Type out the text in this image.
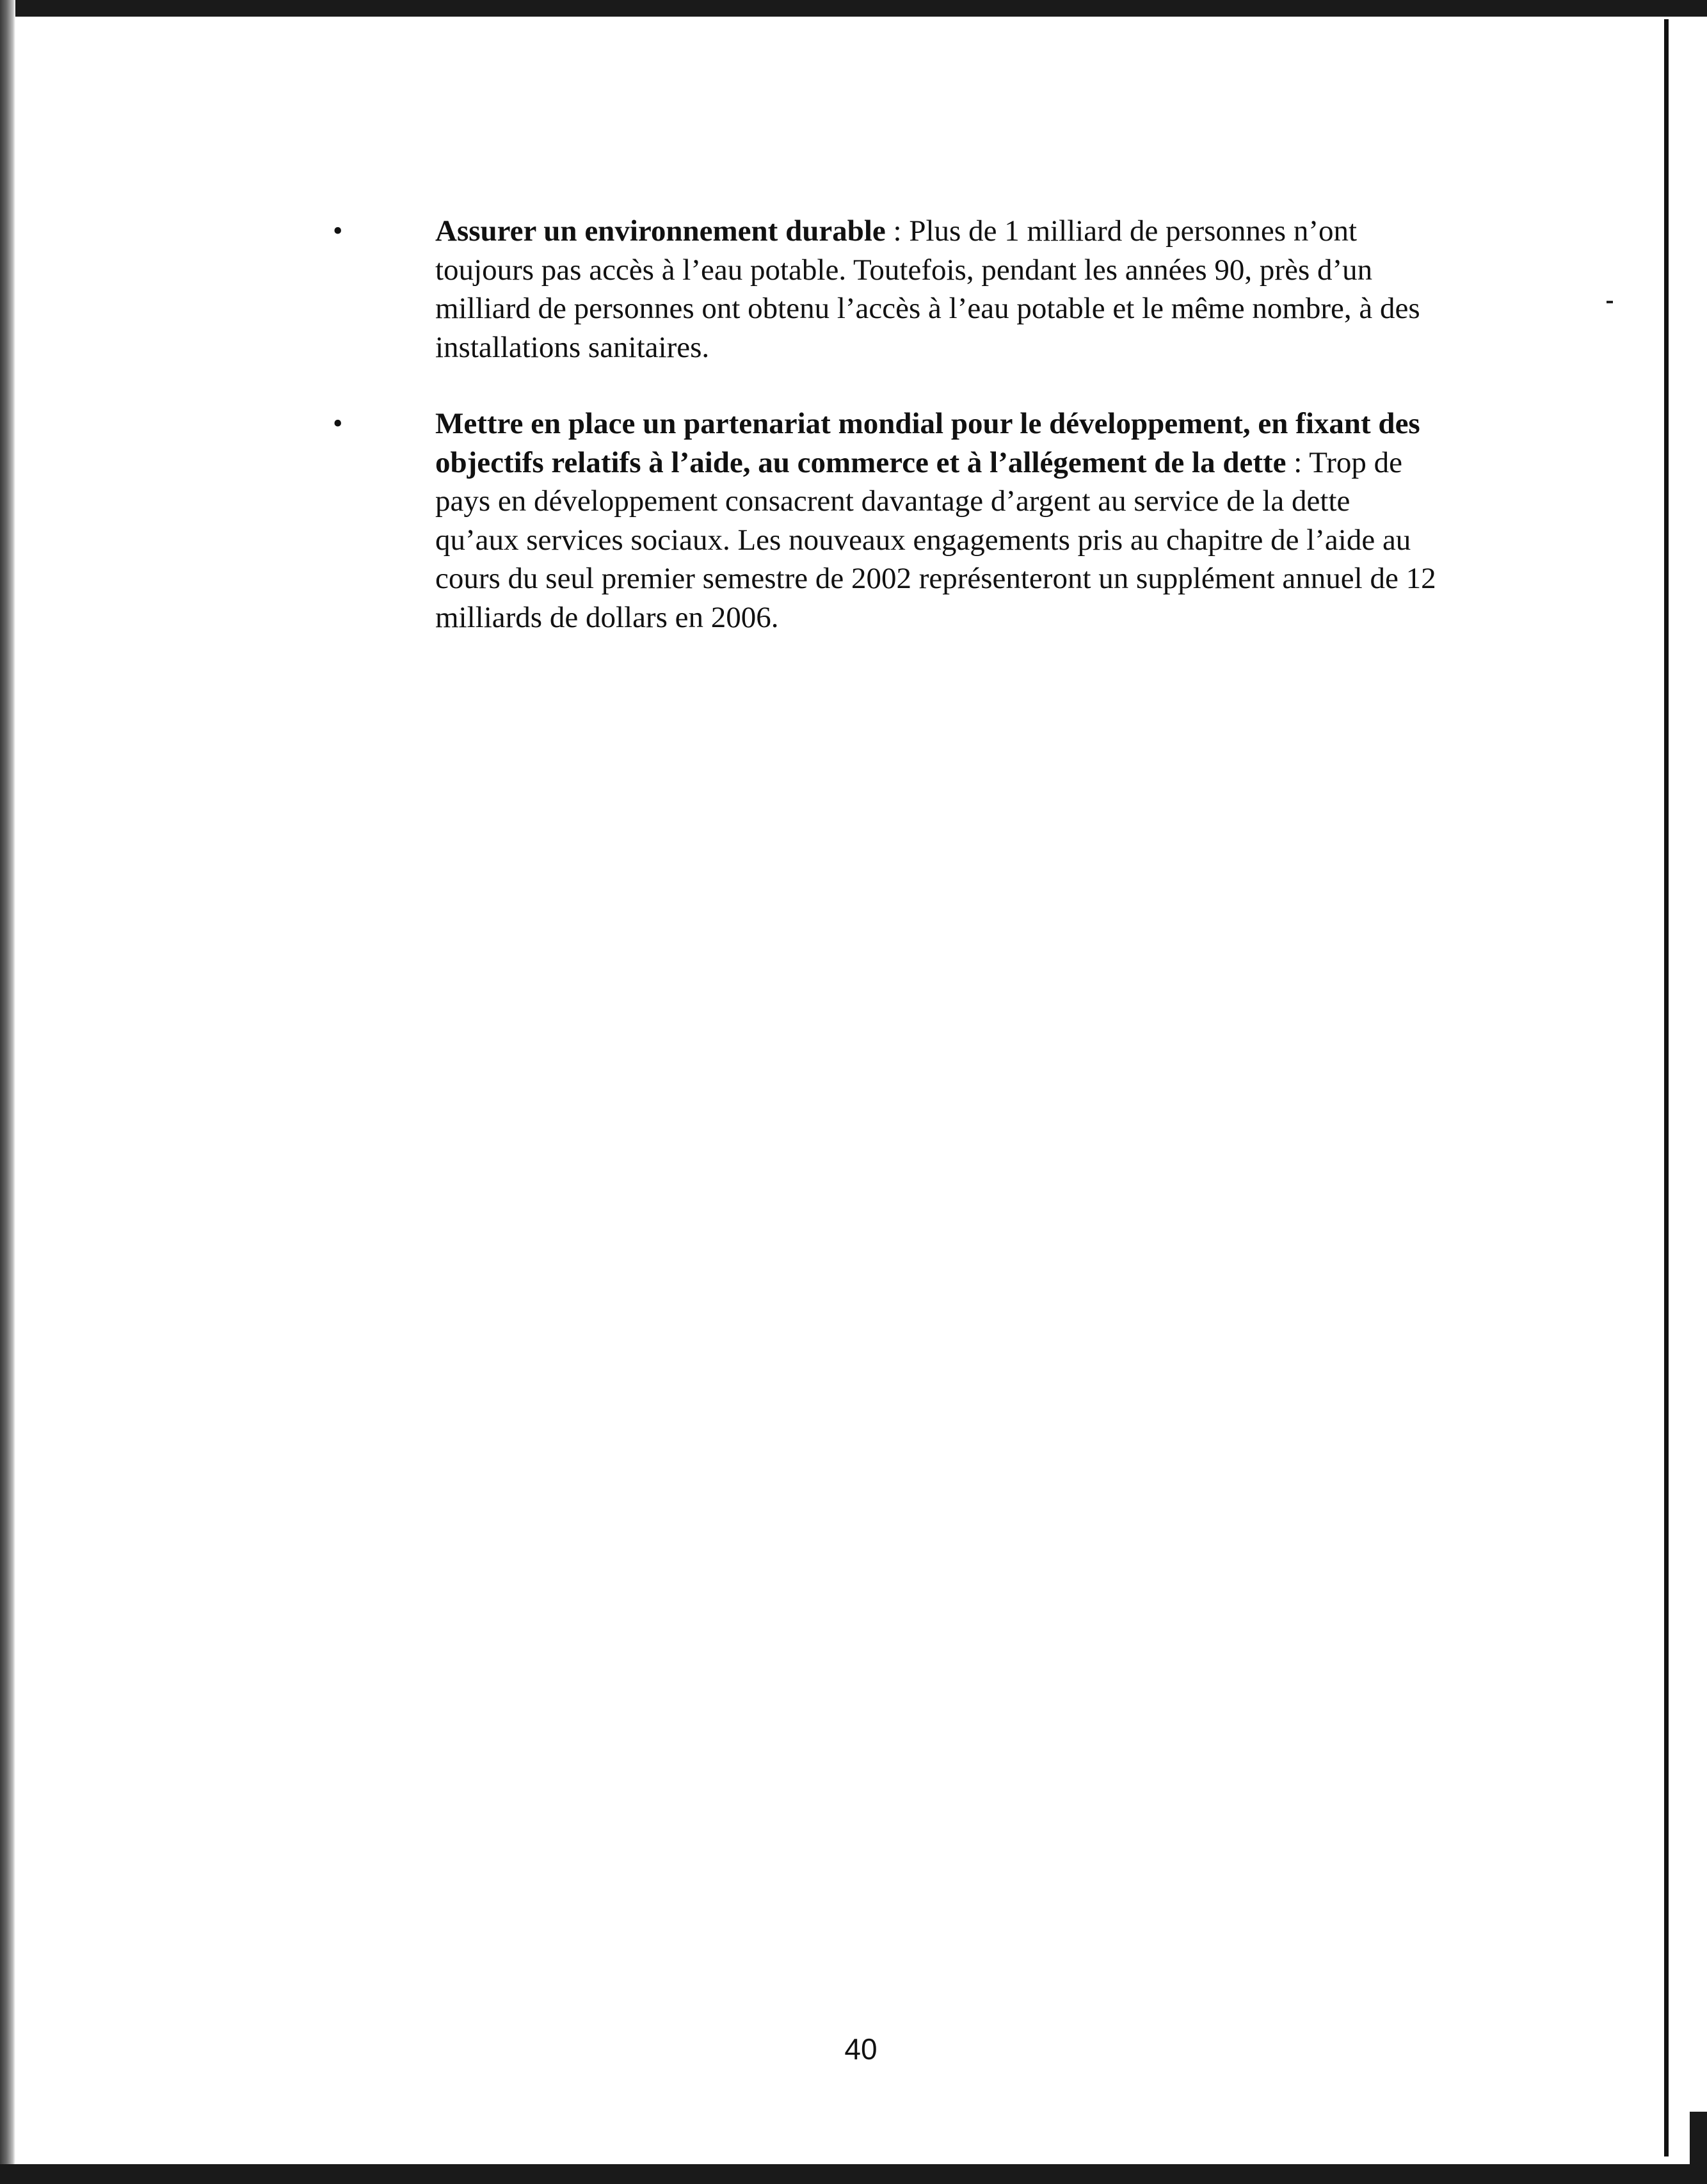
•	Assurer un environnement durable : Plus de 1 milliard de personnes n’ont toujours pas accès à l’eau potable. Toutefois, pendant les années 90, près d’un milliard de personnes ont obtenu l’accès à l’eau potable et le même nombre, à des installations sanitaires.
•	Mettre en place un partenariat mondial pour le développement, en fixant des objectifs relatifs à l’aide, au commerce et à l’allégement de la dette : Trop de pays en développement consacrent davantage d’argent au service de la dette qu’aux services sociaux. Les nouveaux engagements pris au chapitre de l’aide au cours du seul premier semestre de 2002 représenteront un supplément annuel de 12 milliards de dollars en 2006.
40
